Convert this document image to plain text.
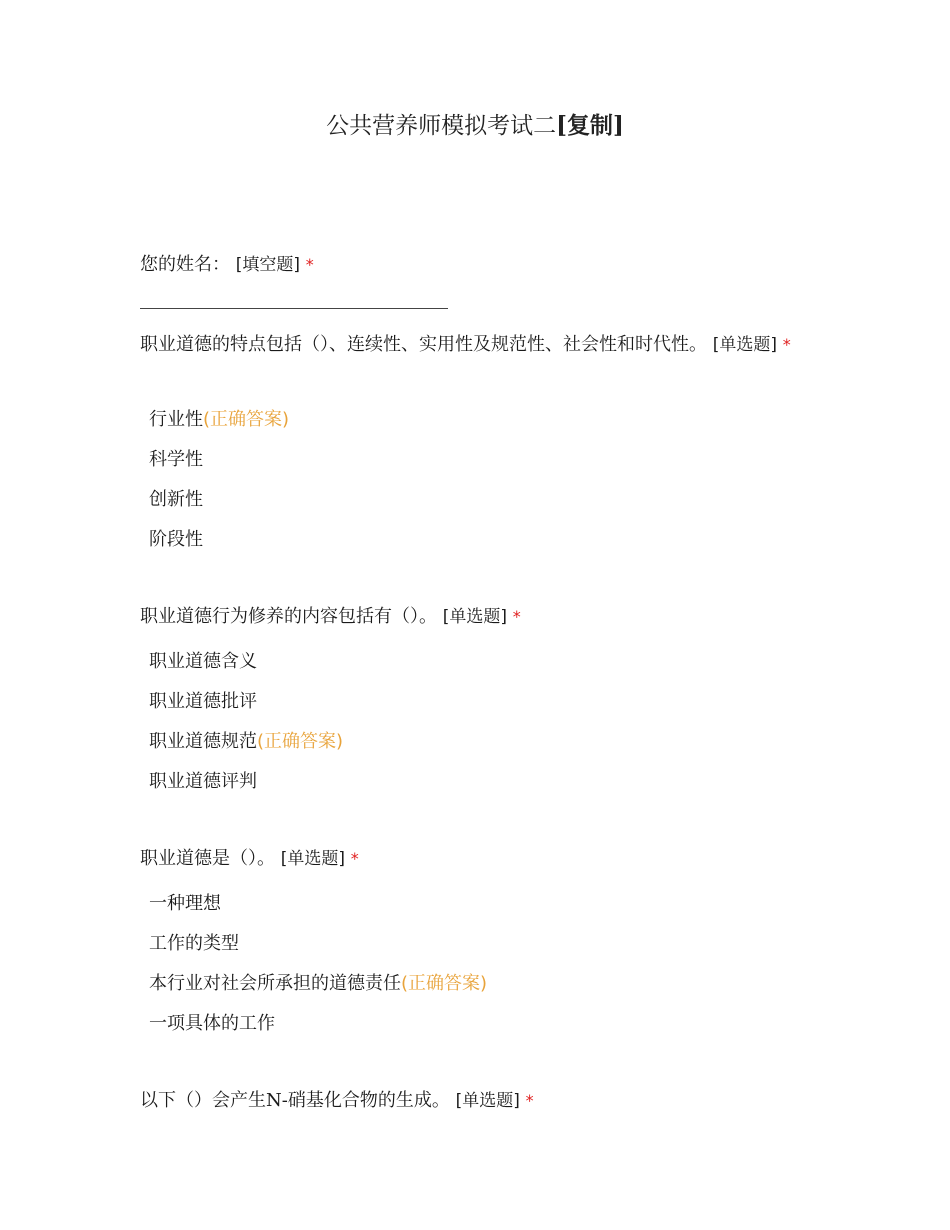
公共营养师模拟考试二[复制]
您的姓名： [填空题] *
职业道德的特点包括（）、连续性、实用性及规范性、社会性和时代性。 [单选题] *
行业性(正确答案)
科学性
创新性
阶段性
职业道德行为修养的内容包括有（）。 [单选题] *
职业道德含义
职业道德批评
职业道德规范(正确答案)
职业道德评判
职业道德是（）。 [单选题] *
一种理想
工作的类型
本行业对社会所承担的道德责任(正确答案)
一项具体的工作
以下（）会产生N-硝基化合物的生成。 [单选题] *
